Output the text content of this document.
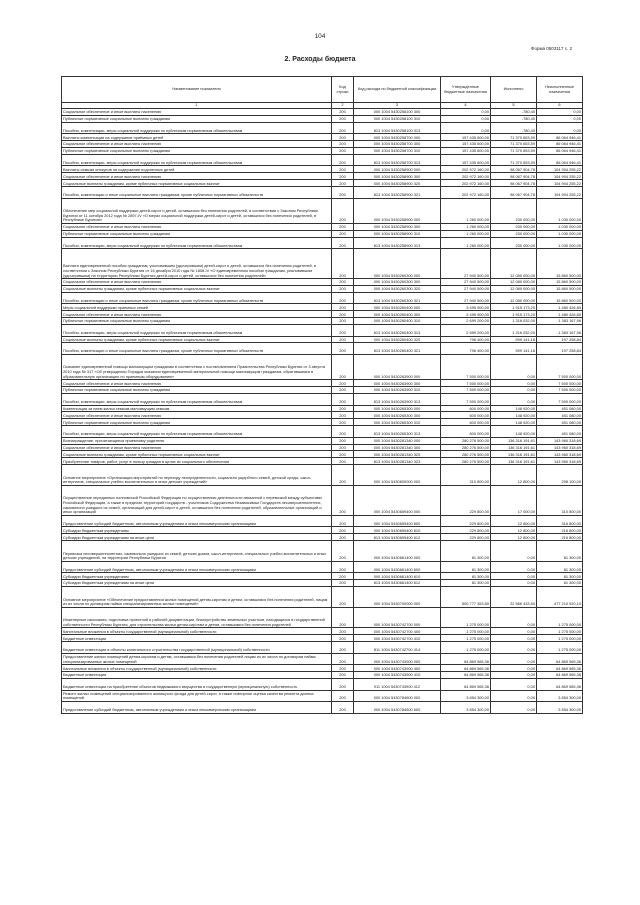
104
Форма 0503117 с. 2
2. Расходы бюджета
Наименование показателя	Код строки	Код расхода по бюджетной классификации	Утвержденные бюджетные назначения	Исполнено	Неисполненные назначения
1	2	3	4	5	6
Социальное обеспечение и иные выплаты населению	200	000 1004 5430258100 300	0,00	-780,40	0,00
Публичные нормативные социальные выплаты гражданам	200	000 1004 5430258100 310	0,00	-780,40	0,00
Пособия, компенсации, меры социальной поддержки по публичным нормативным обязательствам	200	813 1004 5430258100 313	0,00	-780,40	0,00
Выплаты компенсации на содержание приёмных детей	200	000 1004 5430258700 000	157 435 600,00	71 370 653,59	86 064 946,41
Социальное обеспечение и иные выплаты населению	200	000 1004 5430258700 300	157 435 600,00	71 370 653,59	86 064 946,41
Публичные нормативные социальные выплаты гражданам	200	000 1004 5430258700 310	157 435 600,00	71 370 653,59	86 064 946,41
Пособия, компенсации, меры социальной поддержки по публичным нормативным обязательствам	200	813 1004 5430258700 313	157 435 600,00	71 370 653,59	86 064 946,41
Выплаты семьям опекунов на содержание подопечных детей	200	000 1004 5430258900 000	202 972 160,00	98 067 904,78	104 904 255,22
Социальное обеспечение и иные выплаты населению	200	000 1004 5430258900 300	202 972 160,00	98 067 904,78	104 904 255,22
Социальные выплаты гражданам, кроме публичных нормативных социальных выплат	200	000 1004 5430258900 320	202 972 160,00	98 067 904,78	104 904 255,22
Пособия, компенсации и иные социальные выплаты гражданам, кроме публичных нормативных обязательств	200	813 1004 5430258900 321	202 972 160,00	98 067 904,78	104 904 255,22
Обеспечение мер социальной поддержки детей-сирот и детей, оставшихся без попечения родителей, в соответствии с Законом Республики Бурятия от 11 октября 2012 года № 2897-IV «О мерах социальной поддержки детей-сирот и детей, оставшихся без попечения родителей, в Республике Бурятия»	200	000 1004 5430258900 000	1 260 000,00	230 000,00	1 030 000,00
Социальное обеспечение и иные выплаты населению	200	000 1004 5430258900 300	1 260 000,00	230 000,00	1 030 000,00
Публичные нормативные социальные выплаты гражданам	200	000 1004 5430258900 310	1 260 000,00	230 000,00	1 030 000,00
Пособия, компенсации, меры социальной поддержки по публичным нормативным обязательствам	200	813 1004 5430258900 313	1 260 000,00	230 000,00	1 030 000,00
Выплата единовременной пособия гражданам, усыновившим (удочерившим) детей-сирот и детей, оставшихся без попечения родителей, в соответствии с Законом Республики Бурятия от 16 декабря 2010 года № 1808-IV «О единовременном пособии гражданам, усыновившим (удочерившим) на территории Республики Бурятия детей-сирот и детей, оставшихся без попечения родителей»	200	000 1004 5430260300 000	27 940 500,00	12 080 000,00	15 860 500,00
Социальное обеспечение и иные выплаты населению	200	000 1004 5430260300 300	27 940 500,00	12 080 000,00	15 860 500,00
Социальные выплаты гражданам, кроме публичных нормативных социальных выплат	200	000 1004 5430260300 320	27 940 500,00	12 080 000,00	15 860 500,00
Пособия, компенсации и иные социальные выплаты гражданам, кроме публичных нормативных обязательств	200	813 1004 5430260300 321	27 940 500,00	12 080 000,00	15 860 500,00
Меры социальной поддержки приемных семей	200	000 1004 5430260400 000	3 495 900,00	1 915 173,20	1 480 426,80
Социальное обеспечение и иные выплаты населению	200	000 1004 5430260400 300	3 495 900,00	1 915 173,20	1 480 426,80
Публичные нормативные социальные выплаты гражданам	200	000 1004 5430260400 310	2 699 200,00	1 316 032,00	1 383 167,96
Пособия, компенсации, меры социальной поддержки по публичным нормативным обязательствам	200	813 1004 5430260400 313	2 699 200,00	1 316 032,00	1 383 167,96
Социальные выплаты гражданам, кроме публичных нормативных социальных выплат	200	000 1004 5430260400 320	796 400,00	599 141,16	197 258,84
Пособия, компенсации и иные социальные выплаты гражданам, кроме публичных нормативных обязательств	200	813 1004 5430260400 321	796 400,00	599 141,16	197 258,84
Оказание единовременной помощи малоимущим гражданам в соответствии с постановлением Правительства Республики Бурятия от 3 августа 2010 года № 317 «Об утверждении Порядка оказания единовременной материальной помощи малоимущим гражданам, обратившимся в образовательную организацию по приемным оборудованию»	200	000 1004 5430263900 000	7 500 000,00	0,00	7 500 000,00
Социальное обеспечение и иные выплаты населению	200	000 1004 5430263900 300	7 500 000,00	0,00	7 500 000,00
Публичные нормативные социальные выплаты гражданам	200	000 1004 5430263900 310	7 500 000,00	0,00	7 500 000,00
Пособия, компенсации, меры социальной поддержки по публичным нормативным обязательствам	200	813 1004 5430263900 313	7 500 000,00	0,00	7 500 000,00
Компенсация за наем жилья семьям малоимущим семьям	200	000 1004 5430265300 000	600 000,00	148 920,00	451 080,00
Социальное обеспечение и иные выплаты населению	200	000 1004 5430265300 300	600 000,00	148 920,00	451 080,00
Публичные нормативные социальные выплаты гражданам	200	000 1004 5430265300 310	600 000,00	148 920,00	451 080,00
Пособия, компенсации, меры социальной поддержки по публичным нормативным обязательствам	200	813 1004 5430265300 313	600 000,00	148 920,00	451 080,00
Вознаграждение, причитающееся приемному родителю	200	000 1004 5430281340 000	280 276 500,00	136 316 191,61	143 960 318,69
Социальное обеспечение и иные выплаты населению	200	000 1004 5430281340 300	280 276 500,00	136 316 191,61	143 960 318,69
Социальные выплаты гражданам, кроме публичных нормативных социальных выплат	200	000 1004 5430281340 320	280 276 500,00	136 316 191,61	143 960 318,69
Приобретение товаров, работ, услуг в пользу граждан в целях их социального обеспечения	200	813 1004 5430281340 323	280 276 500,00	136 316 191,61	143 960 318,69
Основное мероприятие «Организация мероприятий по переходу неопределенности, социально ущербного семей, детской среды, школ-интернатов, специальных учебно-воспитательных и иных детских учреждений»	200	000 1004 5430600000 000	310 800,00	12 800,00	298 100,00
Осуществление переданных полномочий Российской Федерации по осуществлению деятельности связанной с перевозкой между субъектами Российской Федерации, а также в пределах территорий государств - участников Содружества Независимых Государств несовершеннолетних, самовольно ушедших из семей, организаций для детей-сирот и детей, оставшихся без попечения родителей, образовательных организаций и иных организаций	200	000 1004 5430659400 000	229 800,00	17 000,00	310 800,00
Предоставление субсидий бюджетным, автономным учреждениям и иным некоммерческим организациям	200	000 1004 5430659400 600	229 800,00	12 800,00	316 800,00
Субсидии бюджетным учреждениям	200	000 1004 5430659400 610	229 800,00	12 800,00	216 800,00
Субсидии бюджетным учреждениям на иные цели	200	813 1004 5430659400 612	229 800,00	12 800,00	216 800,00
Перевозка несовершеннолетних, самовольно ушедших из семей, детских домов, школ-интернатов, специальных учебно-воспитательных и иных детских учреждений, на территории Республики Бурятия	200	000 1004 5430661400 000	81 300,00	0,00	81 300,00
Предоставление субсидий бюджетным, автономным учреждениям и иным некоммерческим организациям	200	000 1004 5430661400 600	81 300,00	0,00	81 300,00
Субсидии бюджетным учреждениям	200	000 1004 5430661400 610	81 300,00	0,00	81 300,00
Субсидии бюджетным учреждениям на иные цели	200	813 1004 5430661400 612	81 300,00	0,00	81 300,00
Основное мероприятие «Обеспечение предоставления жилых помещений детям-сиротам и детям, оставшимся без попечения родителей, лицам из их числа по договорам найма специализированных жилых помещений»	200	000 1004 5430700000 000	500 777 353,80	22 566 433,50	477 210 920,10
Инженерные изыскания, подготовка проектной и рабочей документации, благоустройство земельных участков, находящихся в государственной собственности Республики Бурятия, для строительства жилья детям-сиротам и детям, оставшимся без попечения родителей	200	000 1004 5430742700 000	1 275 000,00	0,00	1 275 000,00
Капитальные вложения в объекты государственной (муниципальной) собственности	200	000 1004 5430742700 400	1 275 000,00	0,00	1 275 000,00
Бюджетные инвестиции	200	000 1004 5430742700 410	1 275 000,00	0,00	1 275 000,00
Бюджетные инвестиции в объекты капитального строительства государственной (муниципальной) собственности	200	811 1004 5430742700 414	1 275 000,00	0,00	1 275 000,00
Предоставление жилых помещений детям-сиротам и детям, оставшимся без попечения родителей лицам из их числа по договорам найма специализированных жилых помещений	200	000 1004 5430743900 000	64 869 565,36	0,00	64 869 565,36
Капитальные вложения в объекты государственной (муниципальной) собственности	200	000 1004 5430743900 400	64 869 565,36	0,00	64 869 565,36
Бюджетные инвестиции	200	000 1004 5430743900 410	64 869 565,36	0,00	64 869 565,36
Бюджетные инвестиции на приобретение объектов недвижимого имущества в государственную (муниципальную) собственность	200	911 1004 5430743900 412	64 869 565,36	0,00	64 869 565,36
Ремонт жилых помещений специализированного жилищного фонда для детей-сирот, а также повторное оценка качества ремонта данных помещений	200	000 1004 5430784600 000	3 854 300,00	0,00	3 854 300,00
Предоставление субсидий бюджетным, автономным учреждениям и иным некоммерческим организациям	200	000 1004 5430784600 600	3 854 300,00	0,00	3 854 300,00
